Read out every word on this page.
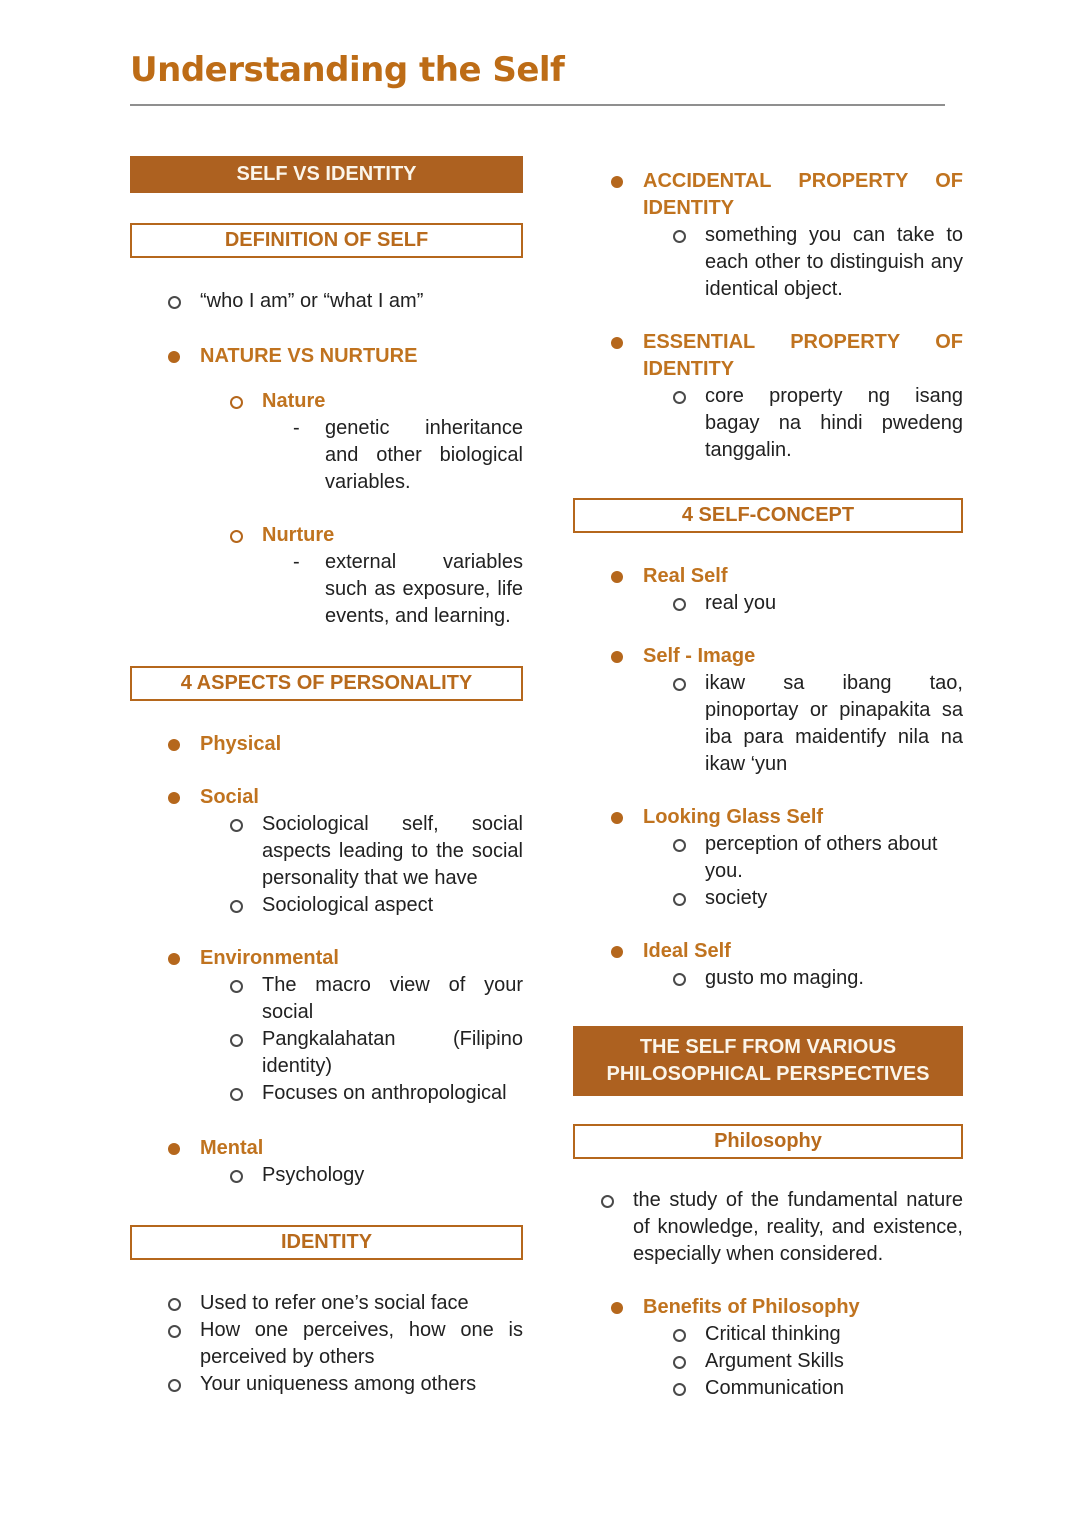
Understanding the Self
SELF VS IDENTITY
DEFINITION OF SELF
“who I am” or “what I am”
NATURE VS NURTURE
Nature
-	genetic inheritance and other biological variables.
Nurture
-	external variables such as exposure, life events, and learning.
4 ASPECTS OF PERSONALITY
Physical
Social
Sociological self, social aspects leading to the social personality that we have
Sociological aspect
Environmental
The macro view of your social
Pangkalahatan (Filipino identity)
Focuses on anthropological
Mental
Psychology
IDENTITY
Used to refer one’s social face
How one perceives, how one is perceived by others
Your uniqueness among others
ACCIDENTAL PROPERTY OF IDENTITY
something you can take to each other to distinguish any identical object.
ESSENTIAL PROPERTY OF IDENTITY
core property ng isang bagay na hindi pwedeng tanggalin.
4 SELF-CONCEPT
Real Self
real you
Self - Image
ikaw sa ibang tao, pinoportay or pinapakita sa iba para maidentify nila na ikaw ‘yun
Looking Glass Self
perception of others about you.
society
Ideal Self
gusto mo maging.
THE SELF FROM VARIOUS PHILOSOPHICAL PERSPECTIVES
Philosophy
the study of the fundamental nature of knowledge, reality, and existence, especially when considered.
Benefits of Philosophy
Critical thinking
Argument Skills
Communication
